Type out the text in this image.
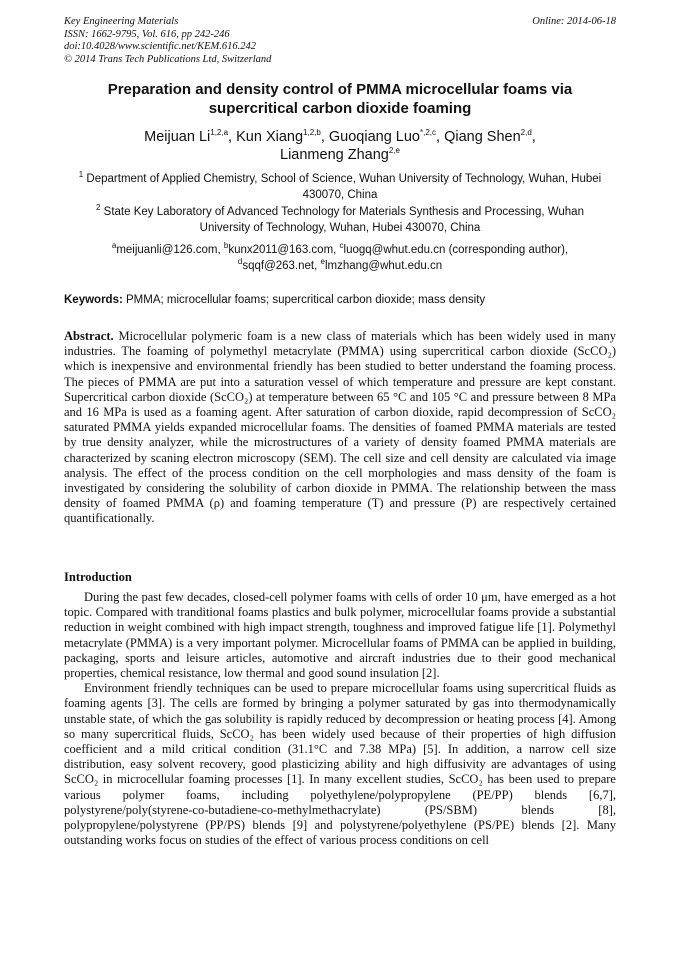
Key Engineering Materials
ISSN: 1662-9795, Vol. 616, pp 242-246
doi:10.4028/www.scientific.net/KEM.616.242
© 2014 Trans Tech Publications Ltd, Switzerland
Online: 2014-06-18
Preparation and density control of PMMA microcellular foams via supercritical carbon dioxide foaming
Meijuan Li$^{1,2,a}$, Kun Xiang$^{1,2,b}$, Guoqiang Luo$^{*,2,c}$, Qiang Shen$^{2,d}$,
Lianmeng Zhang$^{2,e}$
$^1$ Department of Applied Chemistry, School of Science, Wuhan University of Technology, Wuhan, Hubei 430070, China
$^2$ State Key Laboratory of Advanced Technology for Materials Synthesis and Processing, Wuhan University of Technology, Wuhan, Hubei 430070, China
$^a$meijuanli@126.com, $^b$kunx2011@163.com, $^c$luogq@whut.edu.cn (corresponding author),
$^d$sqqf@263.net, $^e$lmzhang@whut.edu.cn
Keywords: PMMA; microcellular foams; supercritical carbon dioxide; mass density
Abstract. Microcellular polymeric foam is a new class of materials which has been widely used in many industries. The foaming of polymethyl metacrylate (PMMA) using supercritical carbon dioxide (ScCO₂) which is inexpensive and environmental friendly has been studied to better understand the foaming process. The pieces of PMMA are put into a saturation vessel of which temperature and pressure are kept constant. Supercritical carbon dioxide (ScCO₂) at temperature between 65 °C and 105 °C and pressure between 8 MPa and 16 MPa is used as a foaming agent. After saturation of carbon dioxide, rapid decompression of ScCO₂ saturated PMMA yields expanded microcellular foams. The densities of foamed PMMA materials are tested by true density analyzer, while the microstructures of a variety of density foamed PMMA materials are characterized by scaning electron microscopy (SEM). The cell size and cell density are calculated via image analysis. The effect of the process condition on the cell morphologies and mass density of the foam is investigated by considering the solubility of carbon dioxide in PMMA. The relationship between the mass density of foamed PMMA (ρ) and foaming temperature (T) and pressure (P) are respectively certained quantificationally.
Introduction

During the past few decades, closed-cell polymer foams with cells of order 10 μm, have emerged as a hot topic. Compared with tranditional foams plastics and bulk polymer, microcellular foams provide a substantial reduction in weight combined with high impact strength, toughness and improved fatigue life [1]. Polymethyl metacrylate (PMMA) is a very important polymer. Microcellular foams of PMMA can be applied in building, packaging, sports and leisure articles, automotive and aircraft industries due to their good mechanical properties, chemical resistance, low thermal and good sound insulation [2].

Environment friendly techniques can be used to prepare microcellular foams using supercritical fluids as foaming agents [3]. The cells are formed by bringing a polymer saturated by gas into thermodynamically unstable state, of which the gas solubility is rapidly reduced by decompression or heating process [4]. Among so many supercritical fluids, ScCO₂ has been widely used because of their properties of high diffusion coefficient and a mild critical condition (31.1°C and 7.38 MPa) [5]. In addition, a narrow cell size distribution, easy solvent recovery, good plasticizing ability and high diffusivity are advantages of using ScCO₂ in microcellular foaming processes [1]. In many excellent studies, ScCO₂ has been used to prepare various polymer foams, including polyethylene/polypropylene (PE/PP) blends [6,7], polystyrene/poly(styrene-co-butadiene-co-methylmethacrylate) (PS/SBM) blends [8], polypropylene/polystyrene (PP/PS) blends [9] and polystyrene/polyethylene (PS/PE) blends [2]. Many outstanding works focus on studies of the effect of various process conditions on cell
